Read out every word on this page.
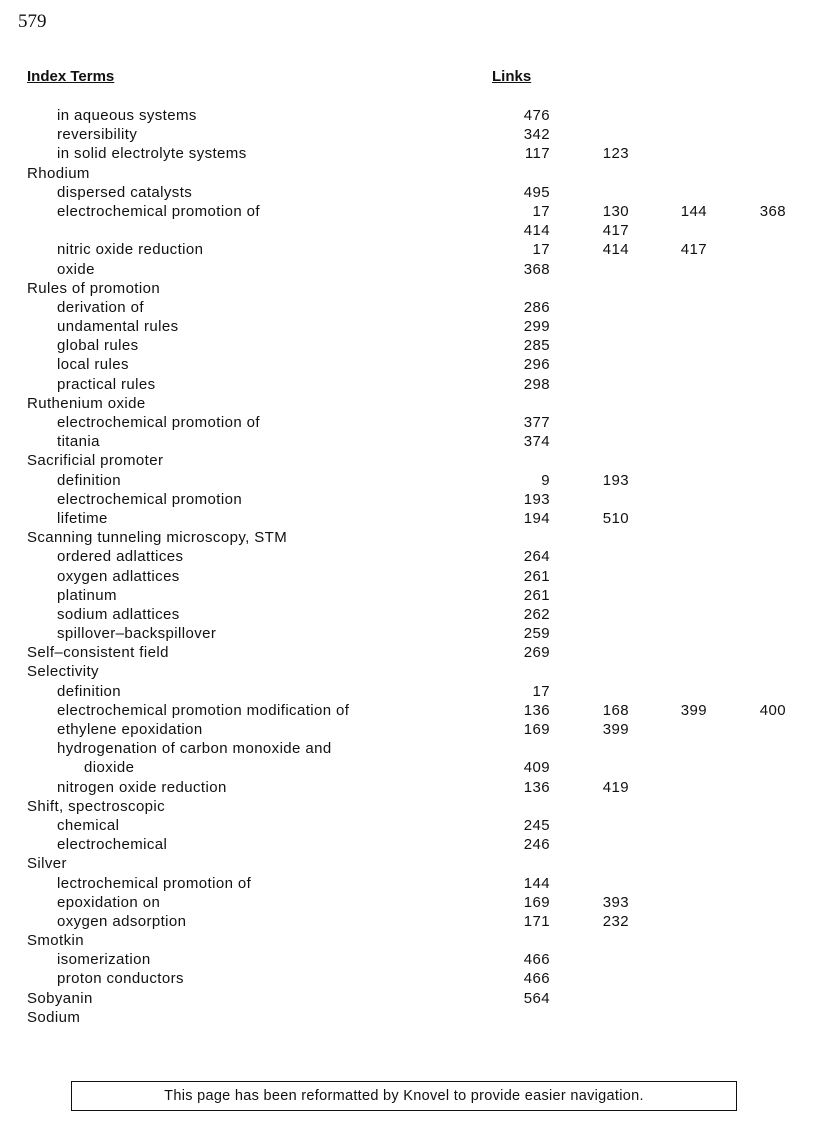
579
Index Terms	Links
in aqueous systems	476
reversibility	342
in solid electrolyte systems	117	123
Rhodium
dispersed catalysts	495
electrochemical promotion of	17	130	144	368
414	417
nitric oxide reduction	17	414	417
oxide	368
Rules of promotion
derivation of	286
undamental rules	299
global rules	285
local rules	296
practical rules	298
Ruthenium oxide
electrochemical promotion of	377
titania	374
Sacrificial promoter
definition	9	193
electrochemical promotion	193
lifetime	194	510
Scanning tunneling microscopy, STM
ordered adlattices	264
oxygen adlattices	261
platinum	261
sodium adlattices	262
spillover–backspillover	259
Self–consistent field	269
Selectivity
definition	17
electrochemical promotion modification of	136	168	399	400
ethylene epoxidation	169	399
hydrogenation of carbon monoxide and
dioxide	409
nitrogen oxide reduction	136	419
Shift, spectroscopic
chemical	245
electrochemical	246
Silver
lectrochemical promotion of	144
epoxidation on	169	393
oxygen adsorption	171	232
Smotkin
isomerization	466
proton conductors	466
Sobyanin	564
Sodium
This page has been reformatted by Knovel to provide easier navigation.
